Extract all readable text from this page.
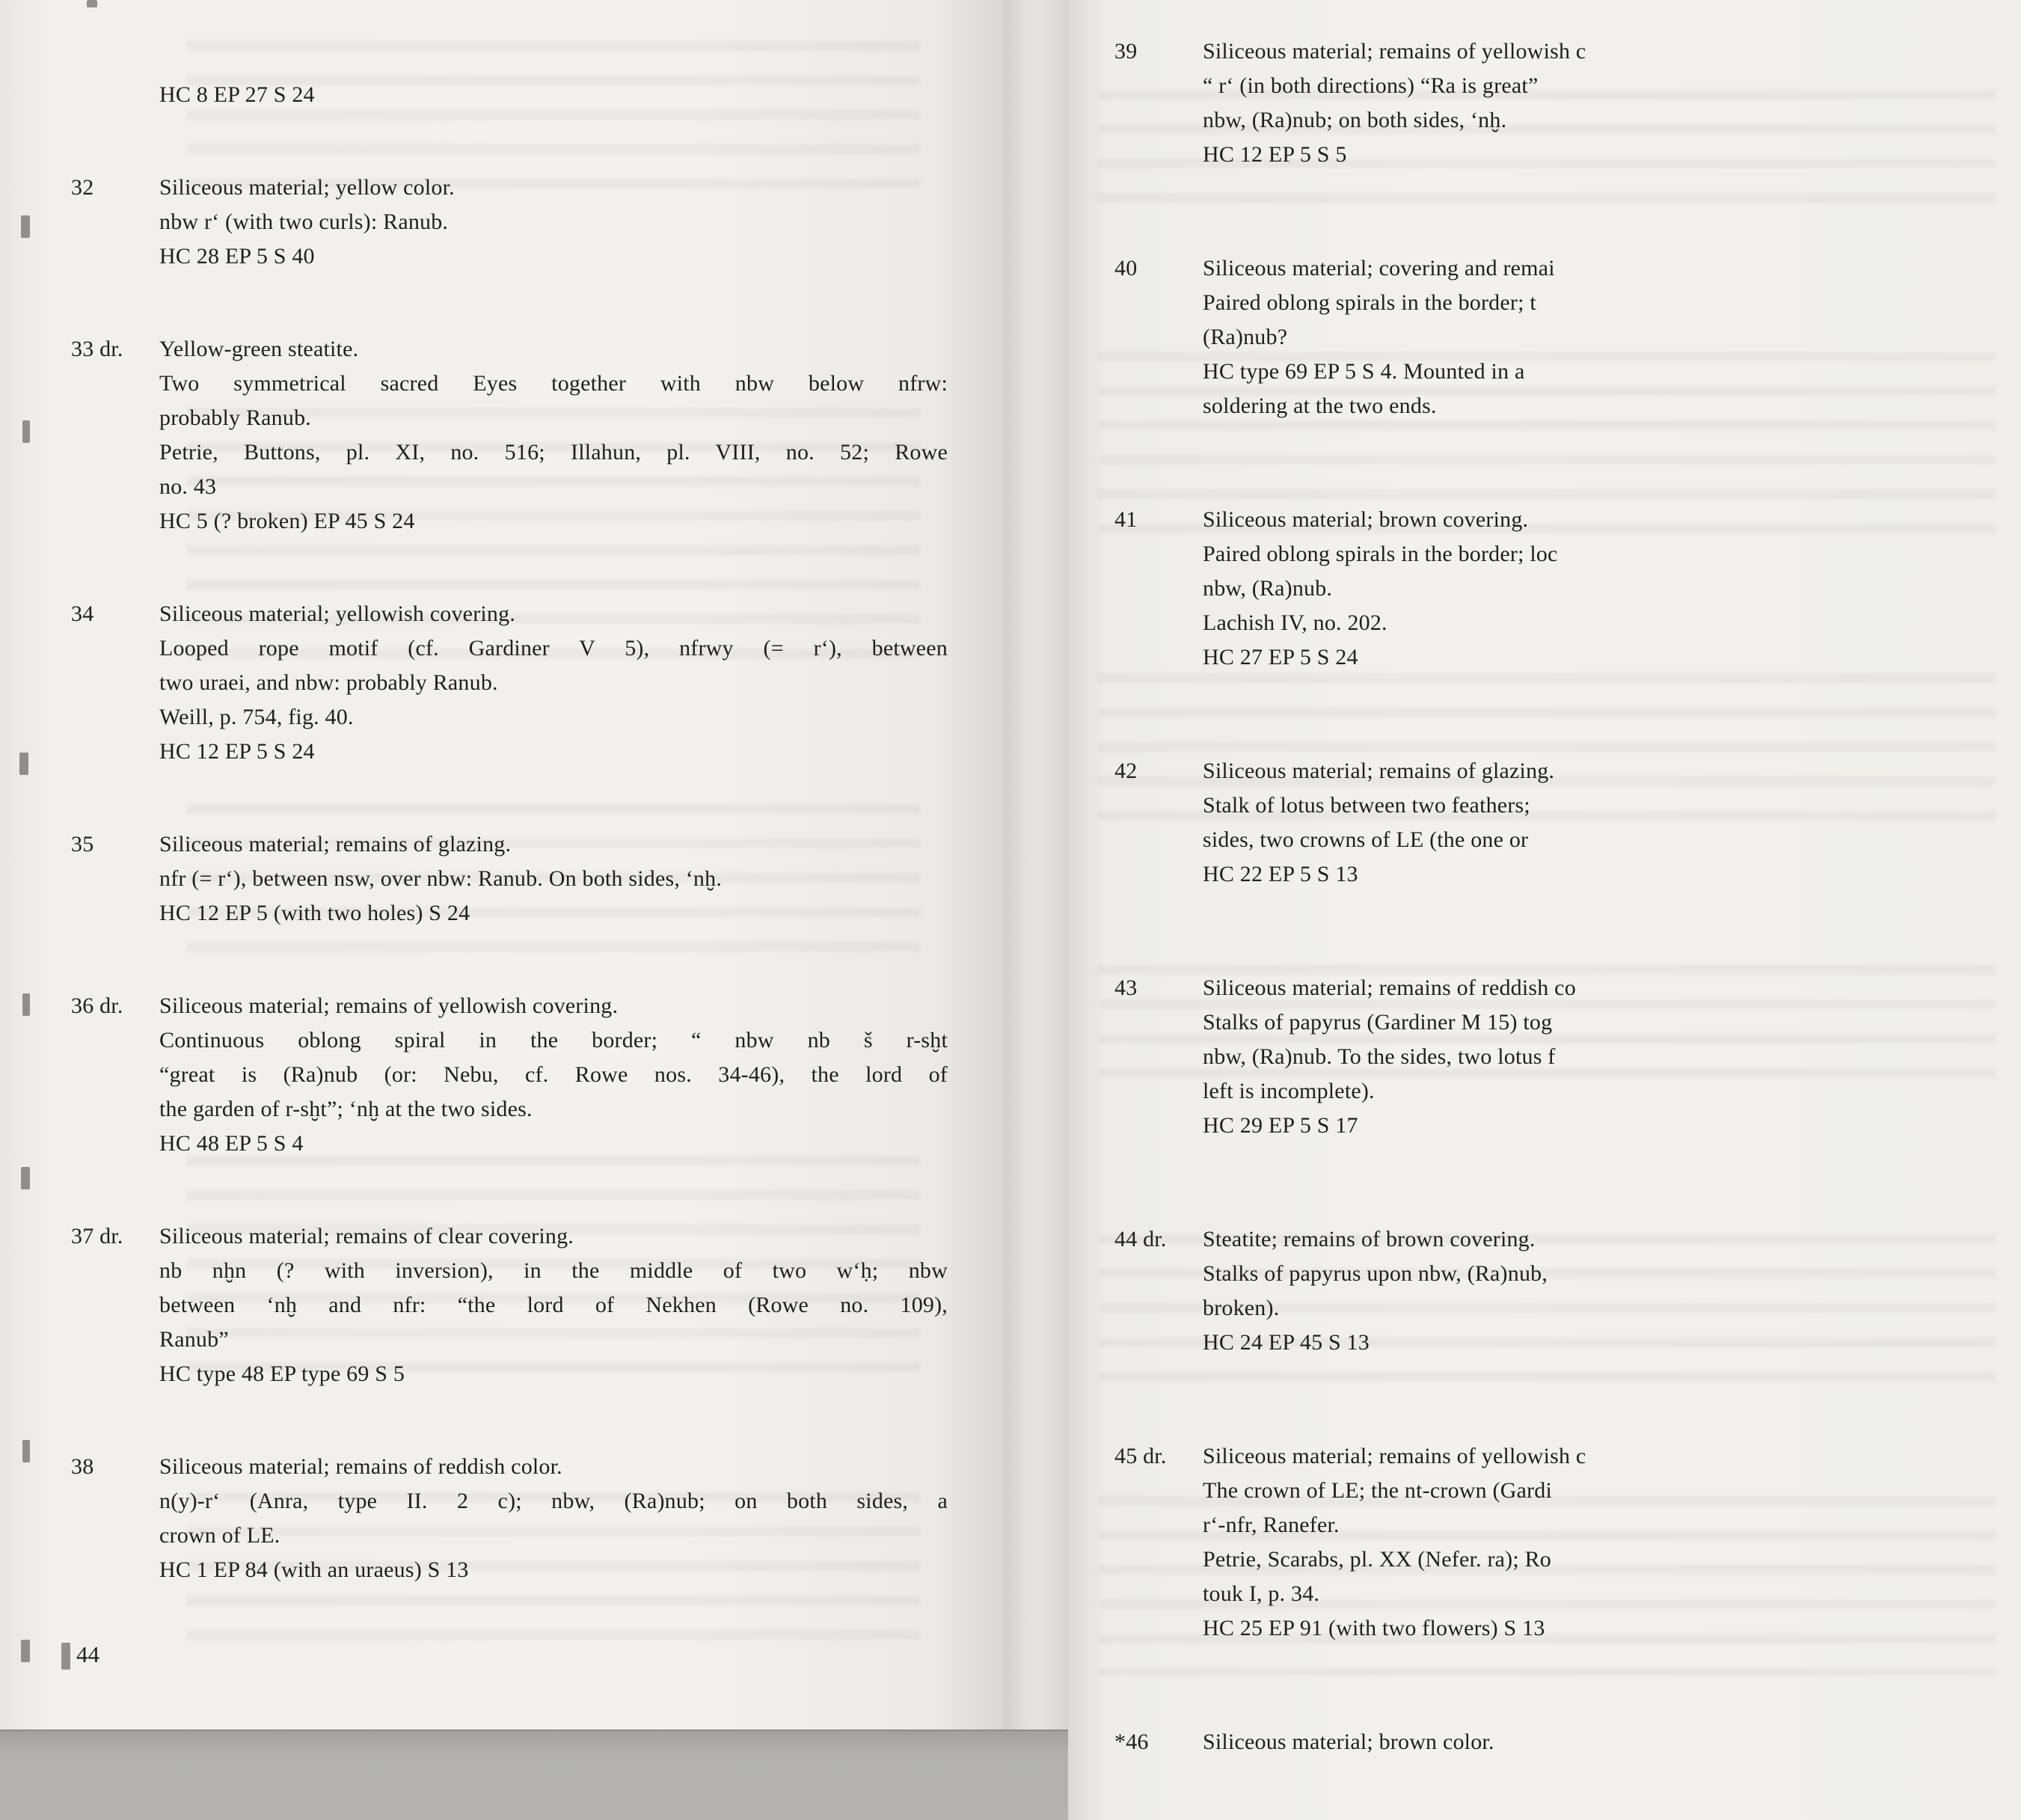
HC 8 EP 27 S 24
32	Siliceous material; yellow color.
nbw r‘ (with two curls): Ranub.
HC 28 EP 5 S 40
33 dr.	Yellow-green steatite.
Two symmetrical sacred Eyes together with nbw below nfrw:
probably Ranub.
Petrie, Buttons, pl. XI, no. 516; Illahun, pl. VIII, no. 52; Rowe
no. 43
HC 5 (? broken) EP 45 S 24
34	Siliceous material; yellowish covering.
Looped rope motif (cf. Gardiner V 5), nfrwy (= r‘), between
two uraei, and nbw: probably Ranub.
Weill, p. 754, fig. 40.
HC 12 EP 5 S 24
35	Siliceous material; remains of glazing.
nfr (= r‘), between nsw, over nbw: Ranub. On both sides, ‘nḫ.
HC 12 EP 5 (with two holes) S 24
36 dr.	Siliceous material; remains of yellowish covering.
Continuous oblong spiral in the border; “ nbw nb š r-sḫt
“great is (Ra)nub (or: Nebu, cf. Rowe nos. 34-46), the lord of
the garden of r-sḫt”; ‘nḫ at the two sides.
HC 48 EP 5 S 4
37 dr.	Siliceous material; remains of clear covering.
nb nḫn (? with inversion), in the middle of two w‘ḥ; nbw
between ‘nḫ and nfr: “the lord of Nekhen (Rowe no. 109),
Ranub”
HC type 48 EP type 69 S 5
38	Siliceous material; remains of reddish color.
n(y)-r‘ (Anra, type II. 2 c); nbw, (Ra)nub; on both sides, a
crown of LE.
HC 1 EP 84 (with an uraeus) S 13
44
39	Siliceous material; remains of yellowish c
“ r‘ (in both directions) “Ra is great”
nbw, (Ra)nub; on both sides, ‘nḫ.
HC 12 EP 5 S 5
40	Siliceous material; covering and remai
Paired oblong spirals in the border; t
(Ra)nub?
HC type 69 EP 5 S 4. Mounted in a
soldering at the two ends.
41	Siliceous material; brown covering.
Paired oblong spirals in the border; loc
nbw, (Ra)nub.
Lachish IV, no. 202.
HC 27 EP 5 S 24
42	Siliceous material; remains of glazing.
Stalk of lotus between two feathers;
sides, two crowns of LE (the one or
HC 22 EP 5 S 13
43	Siliceous material; remains of reddish co
Stalks of papyrus (Gardiner M 15) tog
nbw, (Ra)nub. To the sides, two lotus f
left is incomplete).
HC 29 EP 5 S 17
44 dr.	Steatite; remains of brown covering.
Stalks of papyrus upon nbw, (Ra)nub,
broken).
HC 24 EP 45 S 13
45 dr.	Siliceous material; remains of yellowish c
The crown of LE; the nt-crown (Gardi
r‘-nfr, Ranefer.
Petrie, Scarabs, pl. XX (Nefer. ra); Ro
touk I, p. 34.
HC 25 EP 91 (with two flowers) S 13
*46	Siliceous material; brown color.
